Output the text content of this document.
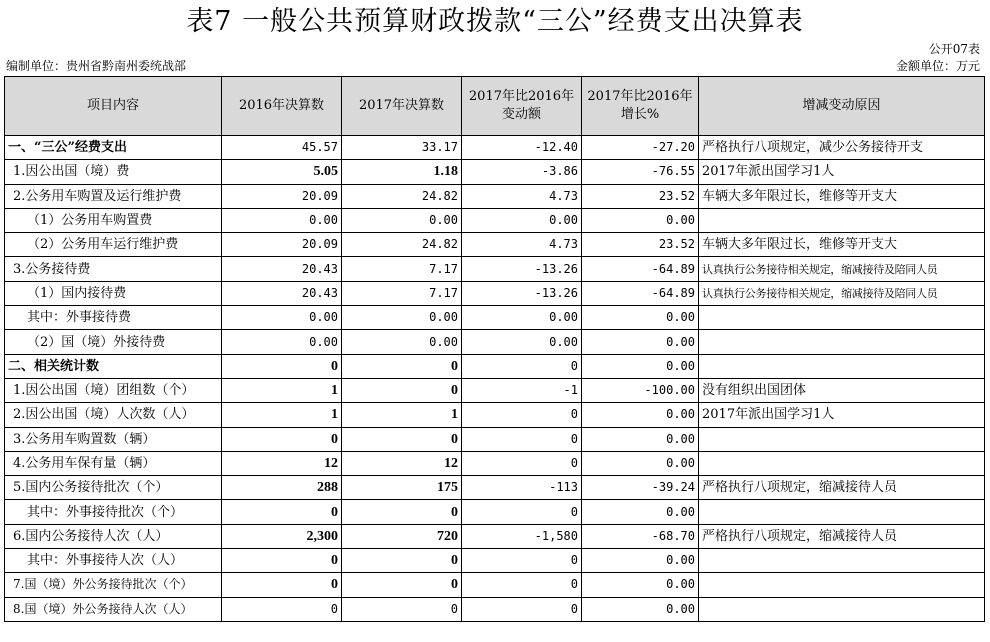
表7 一般公共预算财政拨款“三公”经费支出决算表
公开07表
编制单位：贵州省黔南州委统战部	金额单位：万元
项目内容	2016年决算数	2017年决算数	2017年比2016年变动额	2017年比2016年增长%	增减变动原因
一、“三公”经费支出	45.57	33.17	-12.40	-27.20	严格执行八项规定，减少公务接待开支
1.因公出国（境）费	5.05	1.18	-3.86	-76.55	2017年派出国学习1人
2.公务用车购置及运行维护费	20.09	24.82	4.73	23.52	车辆大多年限过长，维修等开支大
（1）公务用车购置费	0.00	0.00	0.00	0.00	
（2）公务用车运行维护费	20.09	24.82	4.73	23.52	车辆大多年限过长，维修等开支大
3.公务接待费	20.43	7.17	-13.26	-64.89	认真执行公务接待相关规定，缩减接待及陪同人员
（1）国内接待费	20.43	7.17	-13.26	-64.89	认真执行公务接待相关规定，缩减接待及陪同人员
其中：外事接待费	0.00	0.00	0.00	0.00	
（2）国（境）外接待费	0.00	0.00	0.00	0.00	
二、相关统计数	0	0	0	0.00	
1.因公出国（境）团组数（个）	1	0	-1	-100.00	没有组织出国团体
2.因公出国（境）人次数（人）	1	1	0	0.00	2017年派出国学习1人
3.公务用车购置数（辆）	0	0	0	0.00	
4.公务用车保有量（辆）	12	12	0	0.00	
5.国内公务接待批次（个）	288	175	-113	-39.24	严格执行八项规定，缩减接待人员
其中：外事接待批次（个）	0	0	0	0.00	
6.国内公务接待人次（人）	2,300	720	-1,580	-68.70	严格执行八项规定，缩减接待人员
其中：外事接待人次（人）	0	0	0	0.00	
7.国（境）外公务接待批次（个）	0	0	0	0.00	
8.国（境）外公务接待人次（人）	0	0	0	0.00	
